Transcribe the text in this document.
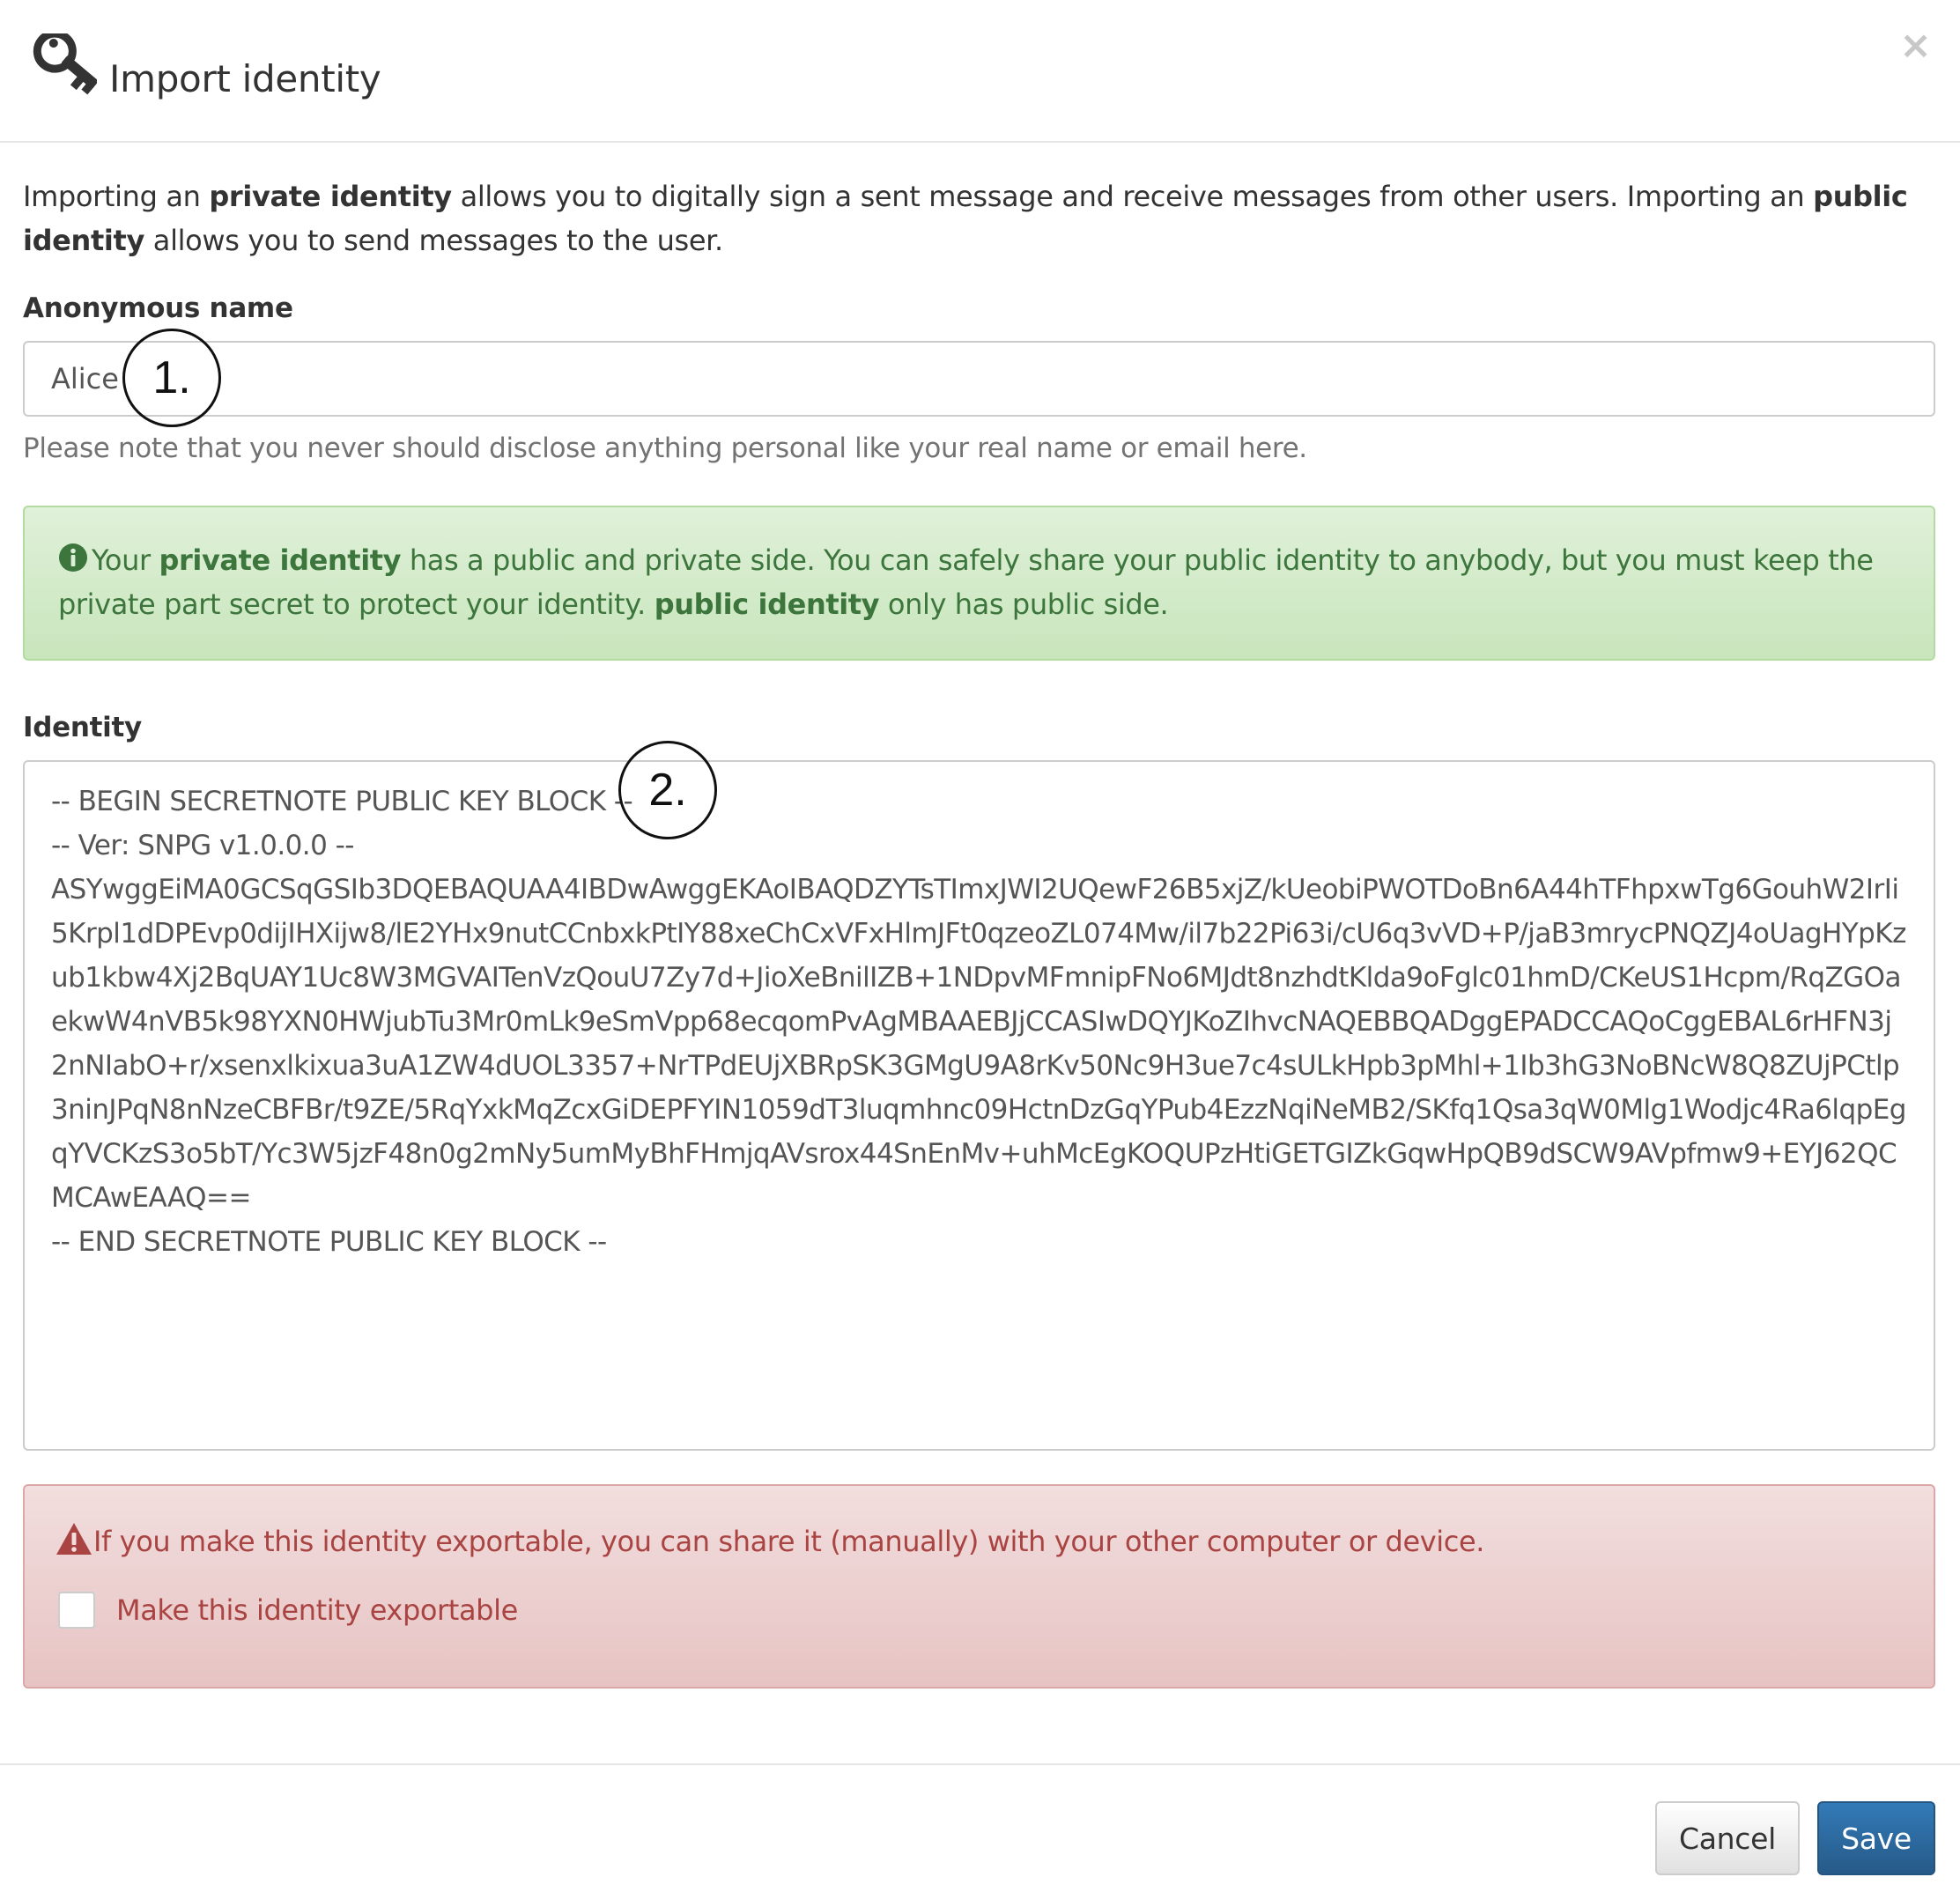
Import identity
×

Importing an private identity allows you to digitally sign a sent message and receive messages from other users. Importing an public identity allows you to send messages to the user.

Anonymous name
Alice
Please note that you never should disclose anything personal like your real name or email here.
Your private identity has a public and private side. You can safely share your public identity to anybody, but you must keep the private part secret to protect your identity. public identity only has public side.
Identity
-- BEGIN SECRETNOTE PUBLIC KEY BLOCK -- -- Ver: SNPG v1.0.0.0 -- ASYwggEiMA0GCSqGSIb3DQEBAQUAA4IBDwAwggEKAoIBAQDZYTsTImxJWI2UQewF26B5xjZ/kUeobiPWOTDoBn6A44hTFhpxwTg6GouhW2IrIi5Krpl1dDPEvp0dijIHXijw8/lE2YHx9nutCCnbxkPtIY88xeChCxVFxHlmJFt0qzeoZL074Mw/il7b22Pi63i/cU6q3vVD+P/jaB3mrycPNQZJ4oUagHYpKzub1kbw4Xj2BqUAY1Uc8W3MGVAITenVzQouU7Zy7d+JioXeBnilIZB+1NDpvMFmnipFNo6MJdt8nzhdtKlda9oFglc01hmD/CKeUS1Hcpm/RqZGOaekwW4nVB5k98YXN0HWjubTu3Mr0mLk9eSmVpp68ecqomPvAgMBAAEBJjCCASIwDQYJKoZIhvcNAQEBBQADggEPADCCAQoCggEBAL6rHFN3j2nNIabO+r/xsenxlkixua3uA1ZW4dUOL3357+NrTPdEUjXBRpSK3GMgU9A8rKv50Nc9H3ue7c4sULkHpb3pMhl+1Ib3hG3NoBNcW8Q8ZUjPCtlp3ninJPqN8nNzeCBFBr/t9ZE/5RqYxkMqZcxGiDEPFYIN1059dT3luqmhnc09HctnDzGqYPub4EzzNqiNeMB2/SKfq1Qsa3qW0Mlg1Wodjc4Ra6lqpEgqYVCKzS3o5bT/Yc3W5jzF48n0g2mNy5umMyBhFHmjqAVsrox44SnEnMv+uhMcEgKOQUPzHtiGETGIZkGqwHpQB9dSCW9AVpfmw9+EYJ62QCMCAwEAAQ== -- END SECRETNOTE PUBLIC KEY BLOCK --
If you make this identity exportable, you can share it (manually) with your other computer or device.
Make this identity exportable
Cancel	Save
1.
2.
